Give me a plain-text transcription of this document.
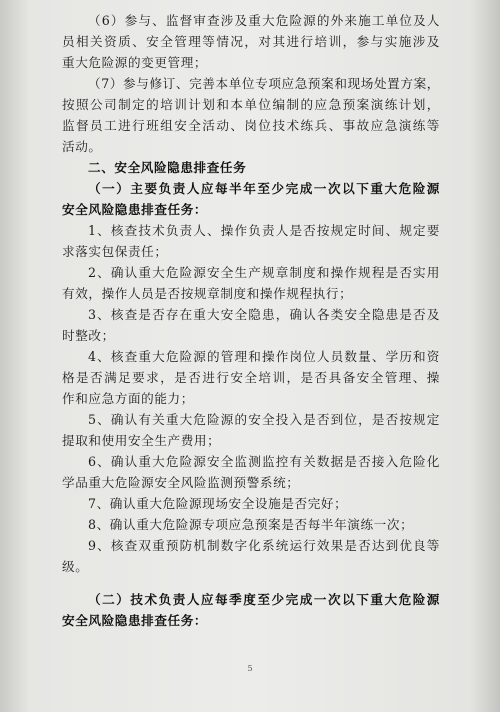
（6）参与、监督审查涉及重大危险源的外来施工单位及人
员相关资质、安全管理等情况，对其进行培训，参与实施涉及
重大危险源的变更管理；
（7）参与修订、完善本单位专项应急预案和现场处置方案，
按照公司制定的培训计划和本单位编制的应急预案演练计划，
监督员工进行班组安全活动、岗位技术练兵、事故应急演练等
活动。
二、安全风险隐患排查任务
（一）主要负责人应每半年至少完成一次以下重大危险源
安全风险隐患排查任务：
1、核查技术负责人、操作负责人是否按规定时间、规定要
求落实包保责任；
2、确认重大危险源安全生产规章制度和操作规程是否实用
有效，操作人员是否按规章制度和操作规程执行；
3、核查是否存在重大安全隐患，确认各类安全隐患是否及
时整改；
4、核查重大危险源的管理和操作岗位人员数量、学历和资
格是否满足要求，是否进行安全培训，是否具备安全管理、操
作和应急方面的能力；
5、确认有关重大危险源的安全投入是否到位，是否按规定
提取和使用安全生产费用；
6、确认重大危险源安全监测监控有关数据是否接入危险化
学品重大危险源安全风险监测预警系统；
7、确认重大危险源现场安全设施是否完好；
8、确认重大危险源专项应急预案是否每半年演练一次；
9、核查双重预防机制数字化系统运行效果是否达到优良等
级。
（二）技术负责人应每季度至少完成一次以下重大危险源
安全风险隐患排查任务：
5
